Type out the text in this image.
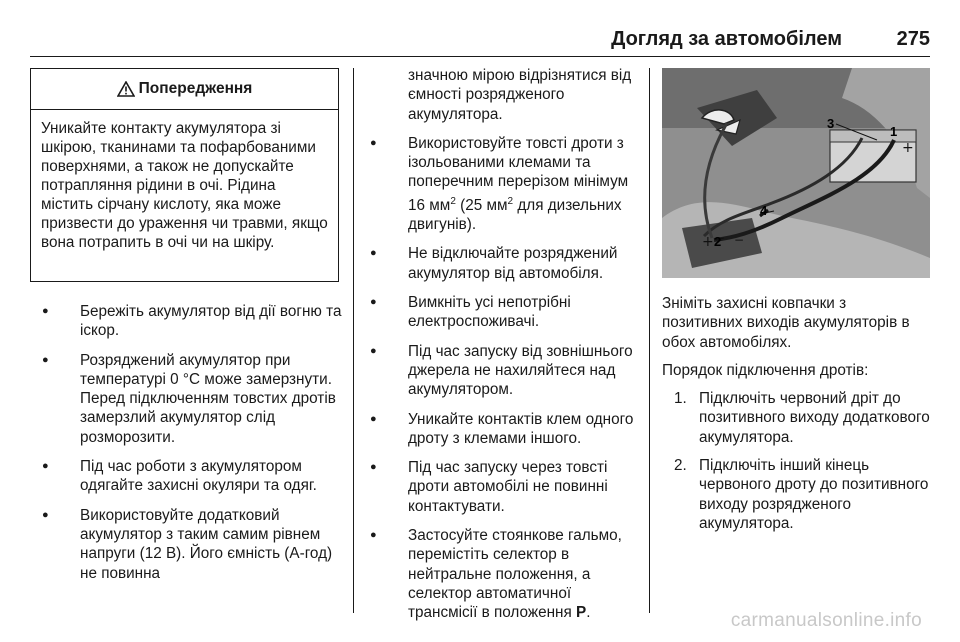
Догляд за автомобілем	275
Попередження
Уникайте контакту акумулятора зі шкірою, тканинами та пофарбованими поверхнями, а також не допускайте потрапляння рідини в очі. Рідина містить сірчану кислоту, яка може призвести до ураження чи травми, якщо вона потрапить в очі чи на шкіру.
● Бережіть акумулятор від дії вогню та іскор.
● Розряджений акумулятор при температурі 0 °C може замерзнути. Перед підключенням товстих дротів замерзлий акумулятор слід розморозити.
● Під час роботи з акумулятором одягайте захисні окуляри та одяг.
● Використовуйте додатковий акумулятор з таким самим рівнем напруги (12 В). Його ємність (А-год) не повинна
значною мірою відрізнятися від ємності розрядженого акумулятора.
● Використовуйте товсті дроти з ізольованими клемами та поперечним перерізом мінімум 16 $мм^2$ (25 $мм^2$ для дизельних двигунів).
● Не відключайте розряджений акумулятор від автомобіля.
● Вимкніть усі непотрібні електроспоживачі.
● Під час запуску від зовнішнього джерела не нахиляйтеся над акумулятором.
● Уникайте контактів клем одного дроту з клемами іншого.
● Під час запуску через товсті дроти автомобілі не повинні контактувати.
● Застосуйте стоянкове гальмо, перемістіть селектор в нейтральне положення, а селектор автоматичної трансмісії в положення P.
+
+ −
1
2
3
4

Зніміть захисні ковпачки з позитивних виходів акумуляторів в обох автомобілях.

Порядок підключення дротів:

1. Підключіть червоний дріт до позитивного виходу додаткового акумулятора.
2. Підключіть інший кінець червоного дроту до позитивного виходу розрядженого акумулятора.
carmanualsonline.info
